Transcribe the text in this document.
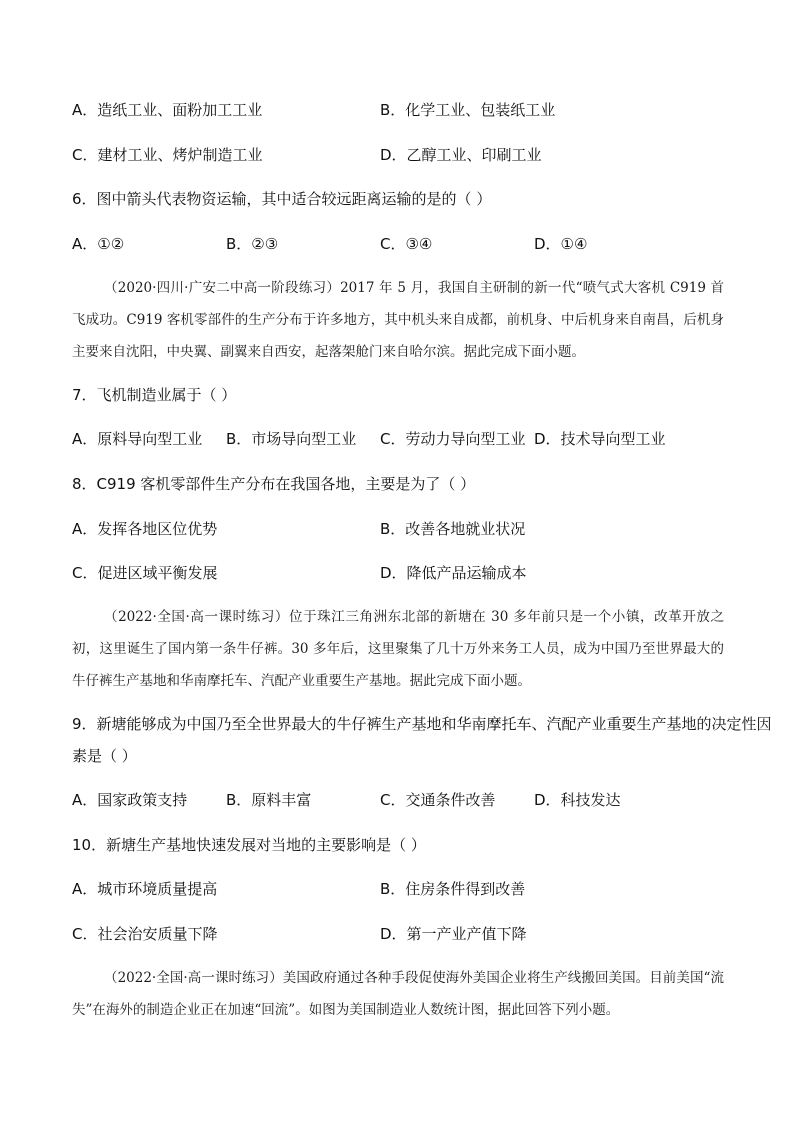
A．造纸工业、面粉加工工业	B．化学工业、包装纸工业
C．建材工业、烤炉制造工业	D．乙醇工业、印刷工业
6．图中箭头代表物资运输，其中适合较远距离运输的是的（ ）
A．①②	B．②③	C．③④	D．①④
（2020·四川·广安二中高一阶段练习）2017 年 5 月，我国自主研制的新一代“喷气式大客机 C919 首飞成功。C919 客机零部件的生产分布于许多地方，其中机头来自成都，前机身、中后机身来自南昌，后机身主要来自沈阳，中央翼、副翼来自西安，起落架舱门来自哈尔滨。据此完成下面小题。
7．飞机制造业属于（ ）
A．原料导向型工业 B．市场导向型工业 C．劳动力导向型工业 D．技术导向型工业
8．C919 客机零部件生产分布在我国各地，主要是为了（ ）
A．发挥各地区位优势	B．改善各地就业状况
C．促进区域平衡发展	D．降低产品运输成本
（2022·全国·高一课时练习）位于珠江三角洲东北部的新塘在 30 多年前只是一个小镇，改革开放之初，这里诞生了国内第一条牛仔裤。30 多年后，这里聚集了几十万外来务工人员，成为中国乃至世界最大的牛仔裤生产基地和华南摩托车、汽配产业重要生产基地。据此完成下面小题。
9．新塘能够成为中国乃至全世界最大的牛仔裤生产基地和华南摩托车、汽配产业重要生产基地的决定性因
素是（ ）
A．国家政策支持	B．原料丰富	C．交通条件改善	D．科技发达
10．新塘生产基地快速发展对当地的主要影响是（ ）
A．城市环境质量提高	B．住房条件得到改善
C．社会治安质量下降	D．第一产业产值下降
（2022·全国·高一课时练习）美国政府通过各种手段促使海外美国企业将生产线搬回美国。目前美国“流失”在海外的制造企业正在加速“回流”。如图为美国制造业人数统计图，据此回答下列小题。
